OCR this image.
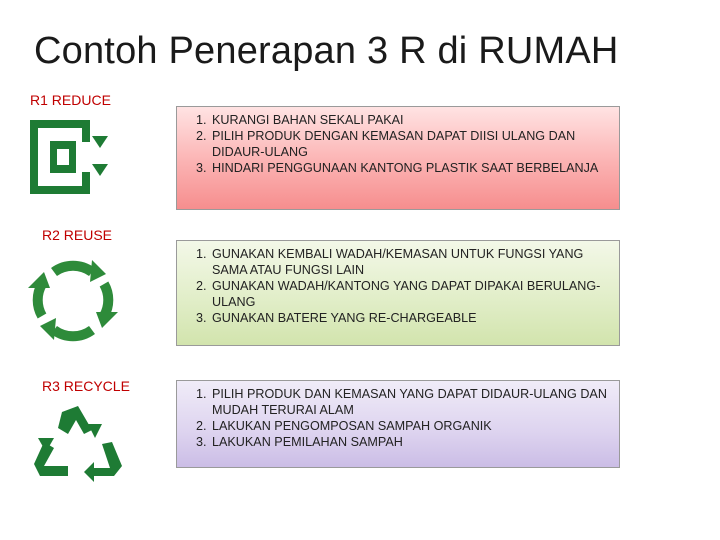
Contoh Penerapan 3 R di RUMAH
R1 REDUCE
1. KURANGI BAHAN SEKALI PAKAI
2. PILIH PRODUK DENGAN KEMASAN DAPAT DIISI ULANG DAN DIDAUR-ULANG
3. HINDARI PENGGUNAAN KANTONG PLASTIK SAAT BERBELANJA
R2 REUSE
1. GUNAKAN KEMBALI WADAH/KEMASAN UNTUK FUNGSI YANG SAMA ATAU FUNGSI LAIN
2. GUNAKAN WADAH/KANTONG YANG DAPAT DIPAKAI BERULANG-ULANG
3. GUNAKAN BATERE YANG RE-CHARGEABLE
R3 RECYCLE
1.	PILIH PRODUK DAN KEMASAN YANG DAPAT DIDAUR-ULANG DAN MUDAH TERURAI ALAM
2. LAKUKAN PENGOMPOSAN SAMPAH ORGANIK
3. LAKUKAN PEMILAHAN SAMPAH
